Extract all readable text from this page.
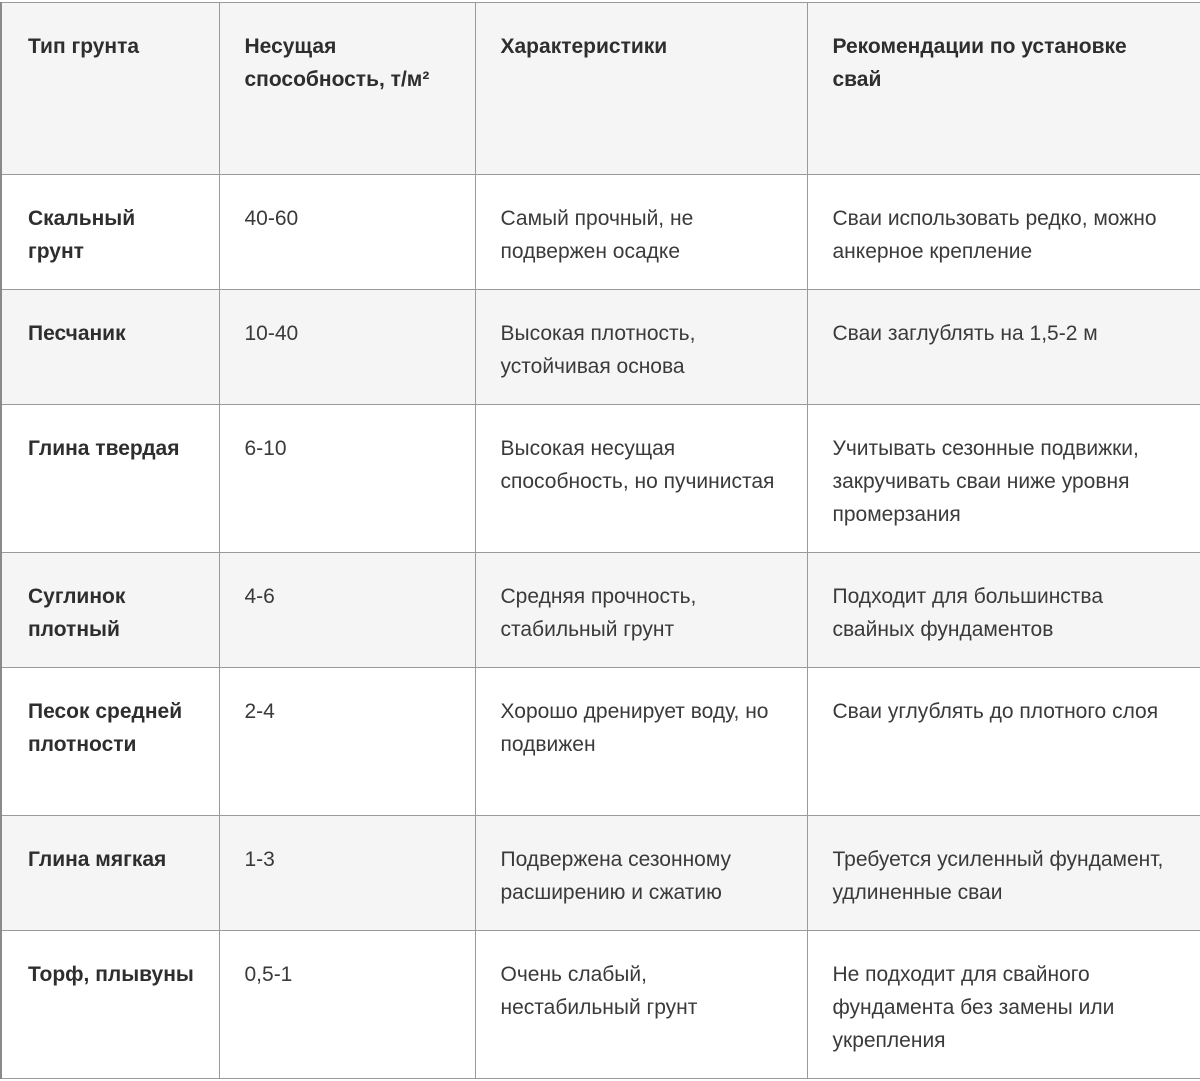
Тип грунта	Несущая способность, т/м²	Характеристики	Рекомендации по установке свай
Скальный грунт	40-60	Самый прочный, не подвержен осадке	Сваи использовать редко, можно анкерное крепление
Песчаник	10-40	Высокая плотность, устойчивая основа	Сваи заглублять на 1,5-2 м
Глина твердая	6-10	Высокая несущая способность, но пучинистая	Учитывать сезонные подвижки, закручивать сваи ниже уровня промерзания
Суглинок плотный	4-6	Средняя прочность, стабильный грунт	Подходит для большинства свайных фундаментов
Песок средней плотности	2-4	Хорошо дренирует воду, но подвижен	Сваи углублять до плотного слоя
Глина мягкая	1-3	Подвержена сезонному расширению и сжатию	Требуется усиленный фундамент, удлиненные сваи
Торф, плывуны	0,5-1	Очень слабый, нестабильный грунт	Не подходит для свайного фундамента без замены или укрепления
